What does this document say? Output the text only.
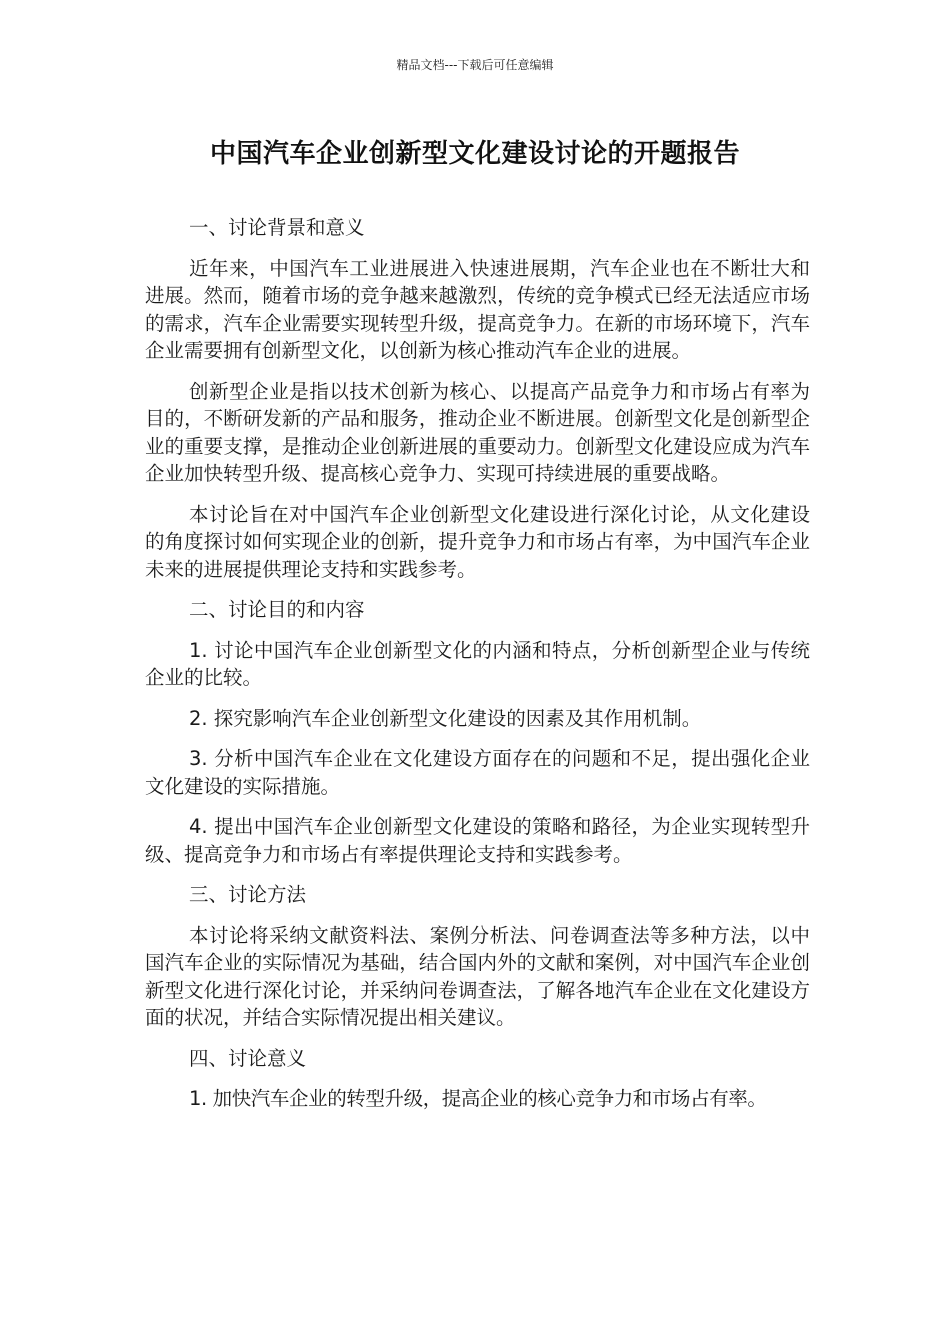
精品文档---下载后可任意编辑
中国汽车企业创新型文化建设讨论的开题报告

一、讨论背景和意义

近年来，中国汽车工业进展进入快速进展期，汽车企业也在不断壮大和进展。然而，随着市场的竞争越来越激烈，传统的竞争模式已经无法适应市场的需求，汽车企业需要实现转型升级，提高竞争力。在新的市场环境下，汽车企业需要拥有创新型文化，以创新为核心推动汽车企业的进展。

创新型企业是指以技术创新为核心、以提高产品竞争力和市场占有率为目的，不断研发新的产品和服务，推动企业不断进展。创新型文化是创新型企业的重要支撑，是推动企业创新进展的重要动力。创新型文化建设应成为汽车企业加快转型升级、提高核心竞争力、实现可持续进展的重要战略。

本讨论旨在对中国汽车企业创新型文化建设进行深化讨论，从文化建设的角度探讨如何实现企业的创新，提升竞争力和市场占有率，为中国汽车企业未来的进展提供理论支持和实践参考。

二、讨论目的和内容

1. 讨论中国汽车企业创新型文化的内涵和特点，分析创新型企业与传统企业的比较。

2. 探究影响汽车企业创新型文化建设的因素及其作用机制。

3. 分析中国汽车企业在文化建设方面存在的问题和不足，提出强化企业文化建设的实际措施。

4. 提出中国汽车企业创新型文化建设的策略和路径，为企业实现转型升级、提高竞争力和市场占有率提供理论支持和实践参考。

三、讨论方法

本讨论将采纳文献资料法、案例分析法、问卷调查法等多种方法，以中国汽车企业的实际情况为基础，结合国内外的文献和案例，对中国汽车企业创新型文化进行深化讨论，并采纳问卷调查法，了解各地汽车企业在文化建设方面的状况，并结合实际情况提出相关建议。

四、讨论意义

1. 加快汽车企业的转型升级，提高企业的核心竞争力和市场占有率。
